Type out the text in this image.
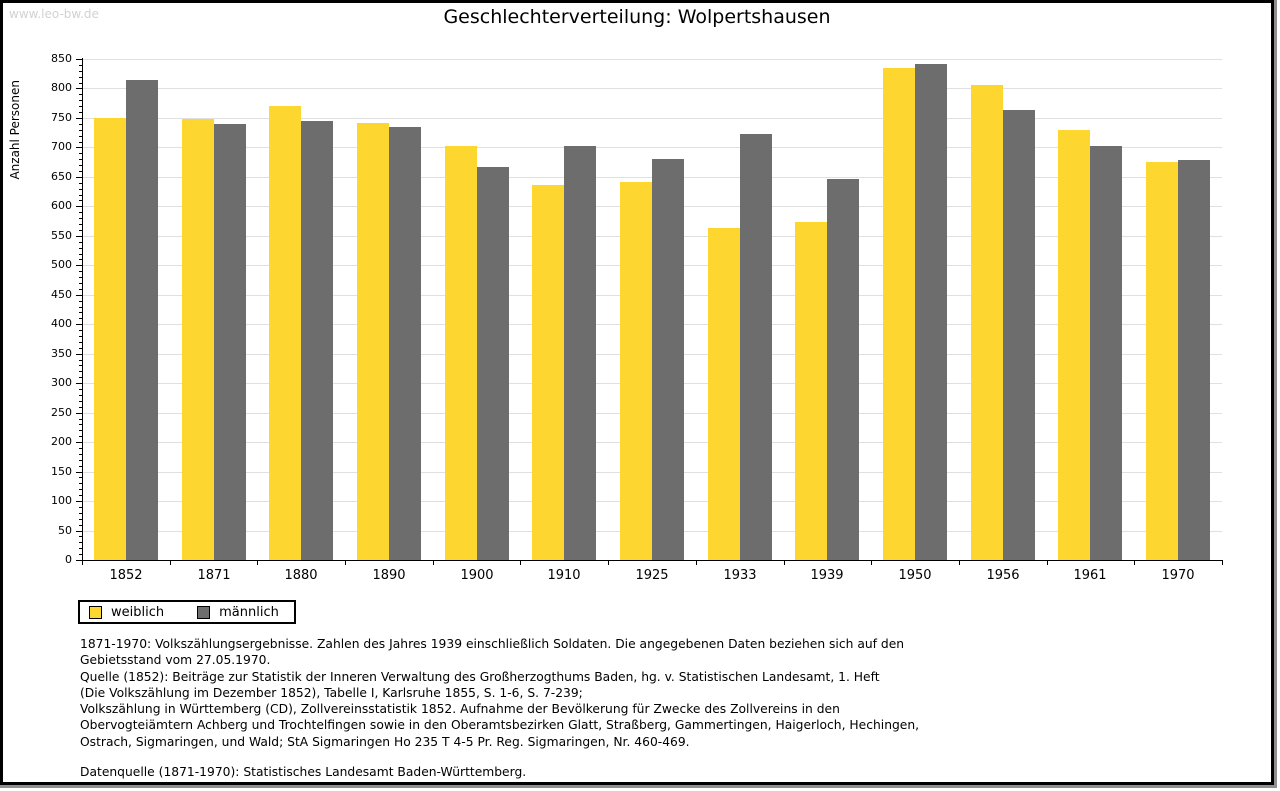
www.leo-bw.de	Geschlechterverteilung: Wolpertshausen
Anzahl Personen
0
50
100
150
200
250
300
350
400
450
500
550
600
650
700
750
800
850
1852	1871	1880	1890	1900	1910	1925	1933	1939	1950	1956	1961	1970
weiblich	männlich
1871-1970: Volkszählungsergebnisse. Zahlen des Jahres 1939 einschließlich Soldaten. Die angegebenen Daten beziehen sich auf den
Gebietsstand vom 27.05.1970.
Quelle (1852): Beiträge zur Statistik der Inneren Verwaltung des Großherzogthums Baden, hg. v. Statistischen Landesamt, 1. Heft
(Die Volkszählung im Dezember 1852), Tabelle I, Karlsruhe 1855, S. 1-6, S. 7-239;
Volkszählung in Württemberg (CD), Zollvereinsstatistik 1852. Aufnahme der Bevölkerung für Zwecke des Zollvereins in den
Obervogteiämtern Achberg und Trochtelfingen sowie in den Oberamtsbezirken Glatt, Straßberg, Gammertingen, Haigerloch, Hechingen,
Ostrach, Sigmaringen, und Wald; StA Sigmaringen Ho 235 T 4-5 Pr. Reg. Sigmaringen, Nr. 460-469.
Datenquelle (1871-1970): Statistisches Landesamt Baden-Württemberg.
